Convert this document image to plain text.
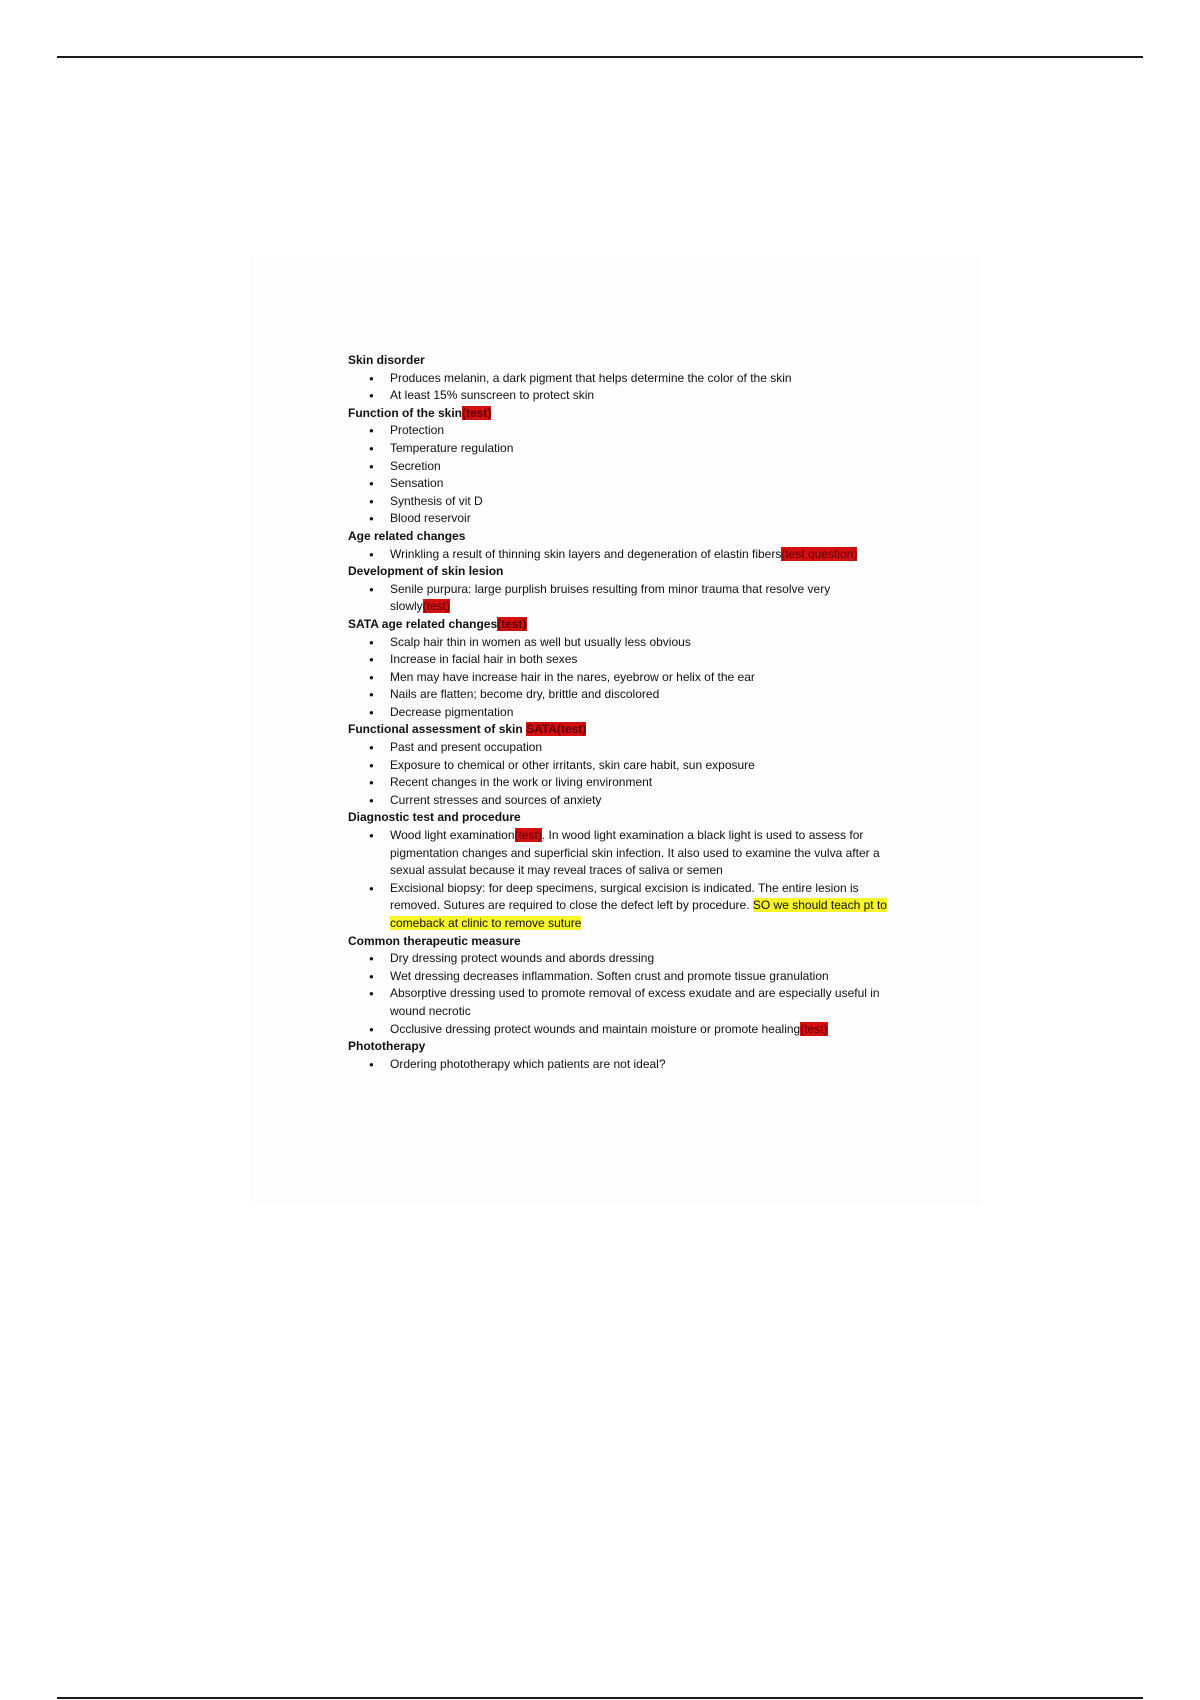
Skin disorder

● Produces melanin, a dark pigment that helps determine the color of the skin
● At least 15% sunscreen to protect skin

Function of the skin(test)

● Protection
● Temperature regulation
● Secretion
● Sensation
● Synthesis of vit D
● Blood reservoir

Age related changes

● Wrinkling a result of thinning skin layers and degeneration of elastin fibers(test question)

Development of skin lesion

● Senile purpura: large purplish bruises resulting from minor trauma that resolve very slowly(test)

SATA age related changes(test)

● Scalp hair thin in women as well but usually less obvious
● Increase in facial hair in both sexes
● Men may have increase hair in the nares, eyebrow or helix of the ear
● Nails are flatten; become dry, brittle and discolored
● Decrease pigmentation

Functional assessment of skin SATA(test)

● Past and present occupation
● Exposure to chemical or other irritants, skin care habit, sun exposure
● Recent changes in the work or living environment
● Current stresses and sources of anxiety

Diagnostic test and procedure

● Wood light examination(test). In wood light examination a black light is used to assess for pigmentation changes and superficial skin infection. It also used to examine the vulva after a sexual assulat because it may reveal traces of saliva or semen
● Excisional biopsy: for deep specimens, surgical excision is indicated. The entire lesion is removed. Sutures are required to close the defect left by procedure. SO we should teach pt to comeback at clinic to remove suture

Common therapeutic measure

● Dry dressing protect wounds and abords dressing
● Wet dressing decreases inflammation. Soften crust and promote tissue granulation
● Absorptive dressing used to promote removal of excess exudate and are especially useful in wound necrotic
● Occlusive dressing protect wounds and maintain moisture or promote healing(test)

Phototherapy

● Ordering phototherapy which patients are not ideal?
